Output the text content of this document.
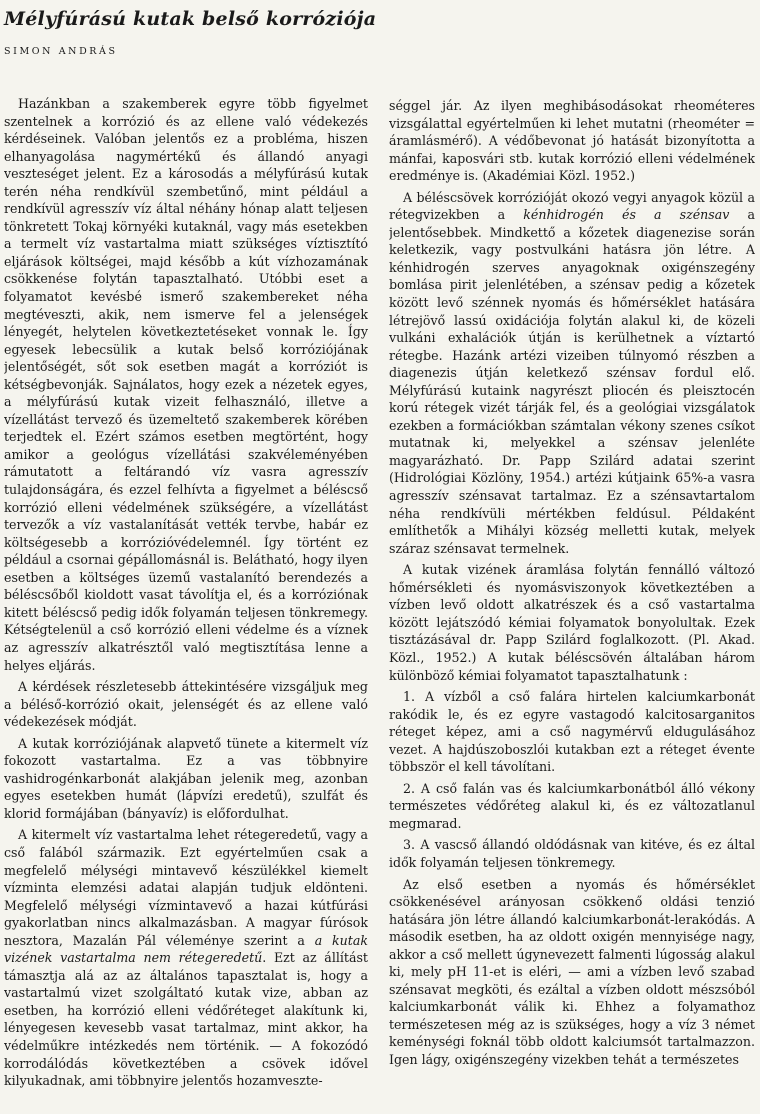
Mélyfúrású kutak belső korróziója
SIMON ANDRÁS

Hazánkban a szakemberek egyre több figyelmet szentelnek a korrózió és az ellene való védekezés kérdéseinek. Valóban jelentős ez a probléma, hiszen elhanyagolása nagymértékű és állandó anyagi veszteséget jelent. Ez a károsodás a mélyfúrású kutak terén néha rendkívül szembetűnő, mint például a rendkívül agresszív víz által néhány hónap alatt teljesen tönkretett Tokaj környéki kutaknál, vagy más esetekben a termelt víz vastartalma miatt szükséges víztisztító eljárások költségei, majd később a kút vízhozamának csökkenése folytán tapasztalható. Utóbbi eset a folyamatot kevésbé ismerő szakembereket néha megtéveszti, akik, nem ismerve fel a jelenségek lényegét, helytelen következtetéseket vonnak le. Így egyesek lebecsülik a kutak belső korróziójának jelentőségét, sőt sok esetben magát a korróziót is kétségbevonják. Sajnálatos, hogy ezek a nézetek egyes, a mélyfúrású kutak vizeit felhasználó, illetve a vízellátást tervező és üzemeltető szakemberek körében terjedtek el. Ezért számos esetben megtörtént, hogy amikor a geológus vízellátási szakvéleményében rámutatott a feltárandó víz vasra agresszív tulajdonságára, és ezzel felhívta a figyelmet a béléscső korrózió elleni védelmének szükségére, a vízellátást tervezők a víz vastalanítását vették tervbe, habár ez költségesebb a korrózióvédelemnél. Így történt ez például a csornai gépállomásnál is. Belátható, hogy ilyen esetben a költséges üzemű vastalanító berendezés a béléscsőből kioldott vasat távolítja el, és a korróziónak kitett béléscső pedig idők folyamán teljesen tönkremegy. Kétségtelenül a cső korrózió elleni védelme és a víznek az agresszív alkatrésztől való megtisztítása lenne a helyes eljárás.

A kérdések részletesebb áttekintésére vizsgáljuk meg a béléső-korrózió okait, jelenségét és az ellene való védekezések módját.

A kutak korróziójának alapvető tünete a kitermelt víz fokozott vastartalma. Ez a vas többnyire vashidrogénkarbonát alakjában jelenik meg, azonban egyes esetekben humát (lápvízi eredetű), szulfát és klorid formájában (bányavíz) is előfordulhat.

A kitermelt víz vastartalma lehet rétegeredetű, vagy a cső falából származik. Ezt egyértelműen csak a megfelelő mélységi mintavevő készülékkel kiemelt vízminta elemzési adatai alapján tudjuk eldönteni. Megfelelő mélységi vízmintavevő a hazai kútfúrási gyakorlatban nincs alkalmazásban. A magyar fúrósok nesztora, Mazalán Pál véleménye szerint a a kutak vizének vastartalma nem rétegeredetű. Ezt az állítást támasztja alá az az általános tapasztalat is, hogy a vastartalmú vizet szolgáltató kutak vize, abban az esetben, ha korrózió elleni védőréteget alakítunk ki, lényegesen kevesebb vasat tartalmaz, mint akkor, ha védelműkre intézkedés nem történik. — A fokozódó korrodálódás következtében a csövek idővel kilyukadnak, ami többnyire jelentős hozamveszte-

séggel jár. Az ilyen meghibásodásokat rheométeres vizsgálattal egyértelműen ki lehet mutatni (rheométer = áramlásmérő). A védőbevonat jó hatását bizonyította a mánfai, kaposvári stb. kutak korrózió elleni védelmének eredménye is. (Akadémiai Közl. 1952.)

A béléscsövek korrózióját okozó vegyi anyagok közül a rétegvizekben a kénhidrogén és a szénsav a jelentősebbek. Mindkettő a kőzetek diagenezise során keletkezik, vagy postvulkáni hatásra jön létre. A kénhidrogén szerves anyagoknak oxigénszegény bomlása pirit jelenlétében, a szénsav pedig a kőzetek között levő szénnek nyomás és hőmérséklet hatására létrejövő lassú oxidációja folytán alakul ki, de közeli vulkáni exhalációk útján is kerülhetnek a víztartó rétegbe. Hazánk artézi vizeiben túlnyomó részben a diagenezis útján keletkező szénsav fordul elő. Mélyfúrású kutaink nagyrészt pliocén és pleisztocén korú rétegek vizét tárják fel, és a geológiai vizsgálatok ezekben a formációkban számtalan vékony szenes csíkot mutatnak ki, melyekkel a szénsav jelenléte magyarázható. Dr. Papp Szilárd adatai szerint (Hidrológiai Közlöny, 1954.) artézi kútjaink 65%-a vasra agresszív szénsavat tartalmaz. Ez a szénsavtartalom néha rendkívüli mértékben feldúsul. Példaként említhetők a Mihályi község melletti kutak, melyek száraz szénsavat termelnek.

A kutak vizének áramlása folytán fennálló változó hőmérsékleti és nyomásviszonyok következtében a vízben levő oldott alkatrészek és a cső vastartalma között lejátszódó kémiai folyamatok bonyolultak. Ezek tisztázásával dr. Papp Szilárd foglalkozott. (Pl. Akad. Közl., 1952.) A kutak béléscsövén általában három különböző kémiai folyamatot tapasztalhatunk :

1. A vízből a cső falára hirtelen kalciumkarbonát rakódik le, és ez egyre vastagodó kalcitosarganitos réteget képez, ami a cső nagymérvű eldugulásához vezet. A hajdúszoboszlói kutakban ezt a réteget évente többször el kell távolítani.

2. A cső falán vas és kalciumkarbonátból álló vékony természetes védőréteg alakul ki, és ez változatlanul megmarad.

3. A vascső állandó oldódásnak van kitéve, és ez által idők folyamán teljesen tönkremegy.

Az első esetben a nyomás és hőmérséklet csökkenésével arányosan csökkenő oldási tenzió hatására jön létre állandó kalciumkarbonát-lerakódás. A második esetben, ha az oldott oxigén mennyisége nagy, akkor a cső mellett úgynevezett falmenti lúgosság alakul ki, mely pH 11-et is eléri, — ami a vízben levő szabad szénsavat megköti, és ezáltal a vízben oldott mészsóból kalciumkarbonát válik ki. Ehhez a folyamathoz természetesen még az is szükséges, hogy a víz 3 német keménységi foknál több oldott kalciumsót tartalmazzon. Igen lágy, oxigénszegény vizekben tehát a természetes
